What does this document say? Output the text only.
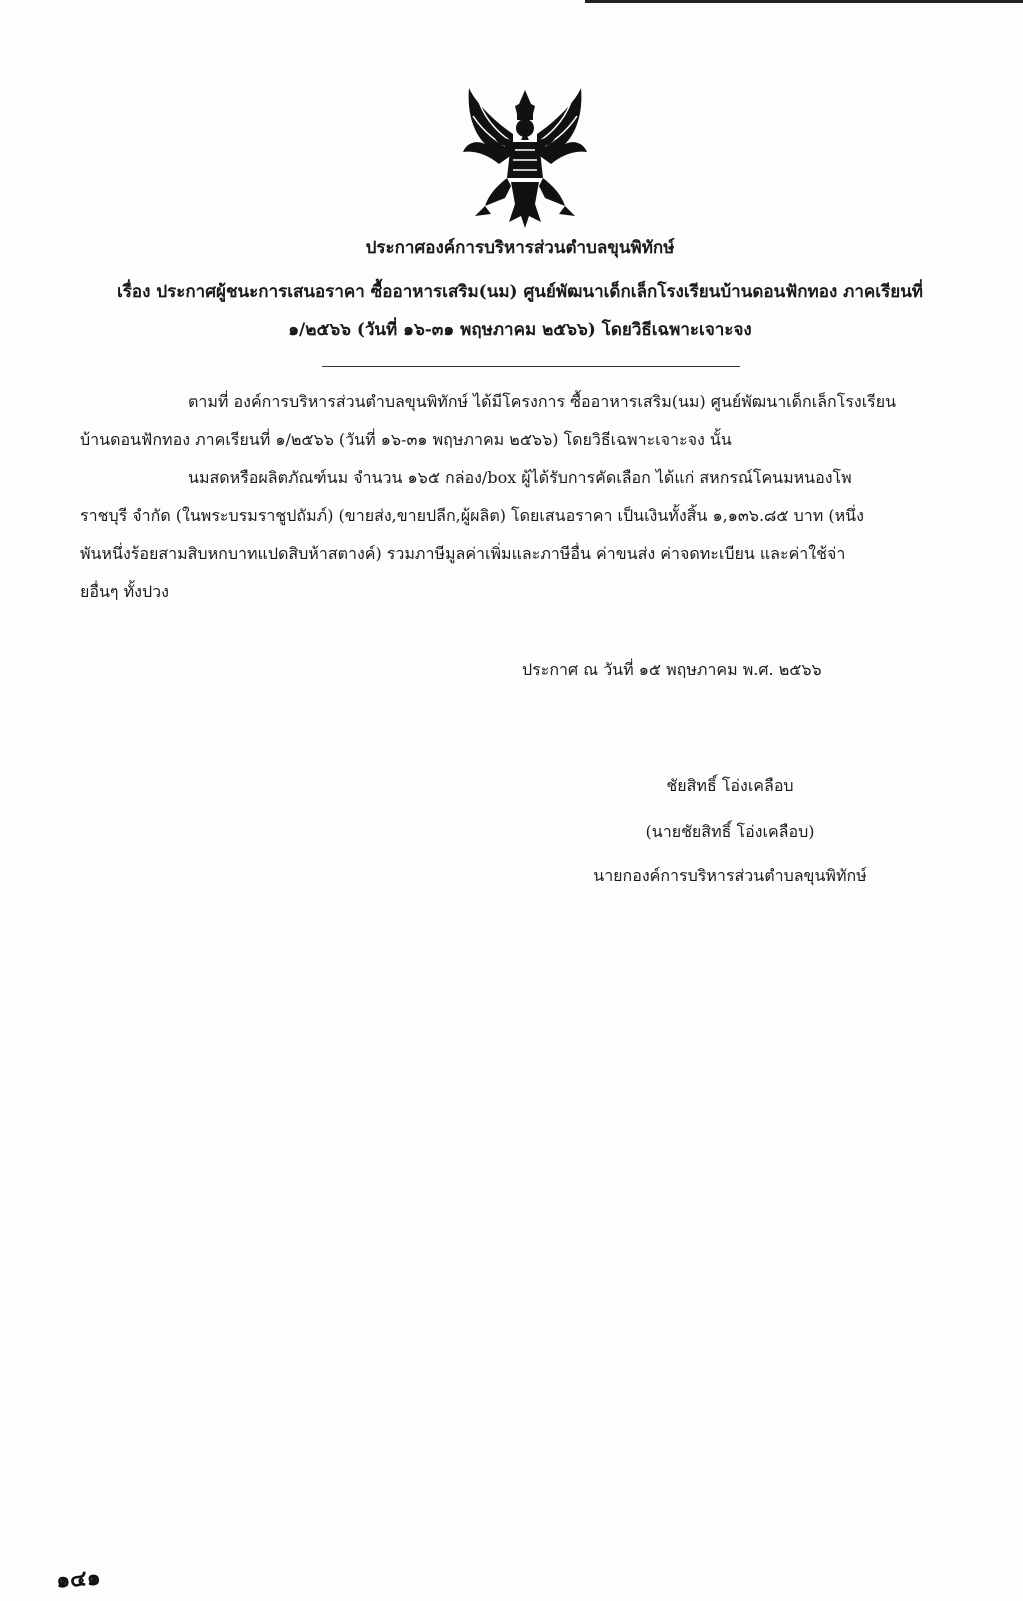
ประกาศองค์การบริหารส่วนตำบลขุนพิทักษ์
เรื่อง ประกาศผู้ชนะการเสนอราคา ซื้ออาหารเสริม(นม) ศูนย์พัฒนาเด็กเล็กโรงเรียนบ้านดอนฟักทอง ภาคเรียนที่
๑/๒๕๖๖ (วันที่ ๑๖-๓๑ พฤษภาคม ๒๕๖๖) โดยวิธีเฉพาะเจาะจง
ตามที่ องค์การบริหารส่วนตำบลขุนพิทักษ์ ได้มีโครงการ ซื้ออาหารเสริม(นม) ศูนย์พัฒนาเด็กเล็กโรงเรียน
บ้านดอนฟักทอง ภาคเรียนที่ ๑/๒๕๖๖ (วันที่ ๑๖-๓๑ พฤษภาคม ๒๕๖๖) โดยวิธีเฉพาะเจาะจง นั้น
นมสดหรือผลิตภัณฑ์นม จำนวน ๑๖๕ กล่อง/box ผู้ได้รับการคัดเลือก ได้แก่ สหกรณ์โคนมหนองโพ
ราชบุรี จำกัด (ในพระบรมราชูปถัมภ์) (ขายส่ง,ขายปลีก,ผู้ผลิต) โดยเสนอราคา เป็นเงินทั้งสิ้น ๑,๑๓๖.๘๕ บาท (หนึ่ง
พันหนึ่งร้อยสามสิบหกบาทแปดสิบห้าสตางค์) รวมภาษีมูลค่าเพิ่มและภาษีอื่น ค่าขนส่ง ค่าจดทะเบียน และค่าใช้จ่า
ยอื่นๆ ทั้งปวง
ประกาศ ณ วันที่ ๑๕ พฤษภาคม พ.ศ. ๒๕๖๖
ชัยสิทธิ์ โอ่งเคลือบ
(นายชัยสิทธิ์ โอ่งเคลือบ)
นายกองค์การบริหารส่วนตำบลขุนพิทักษ์
๑๔๑
